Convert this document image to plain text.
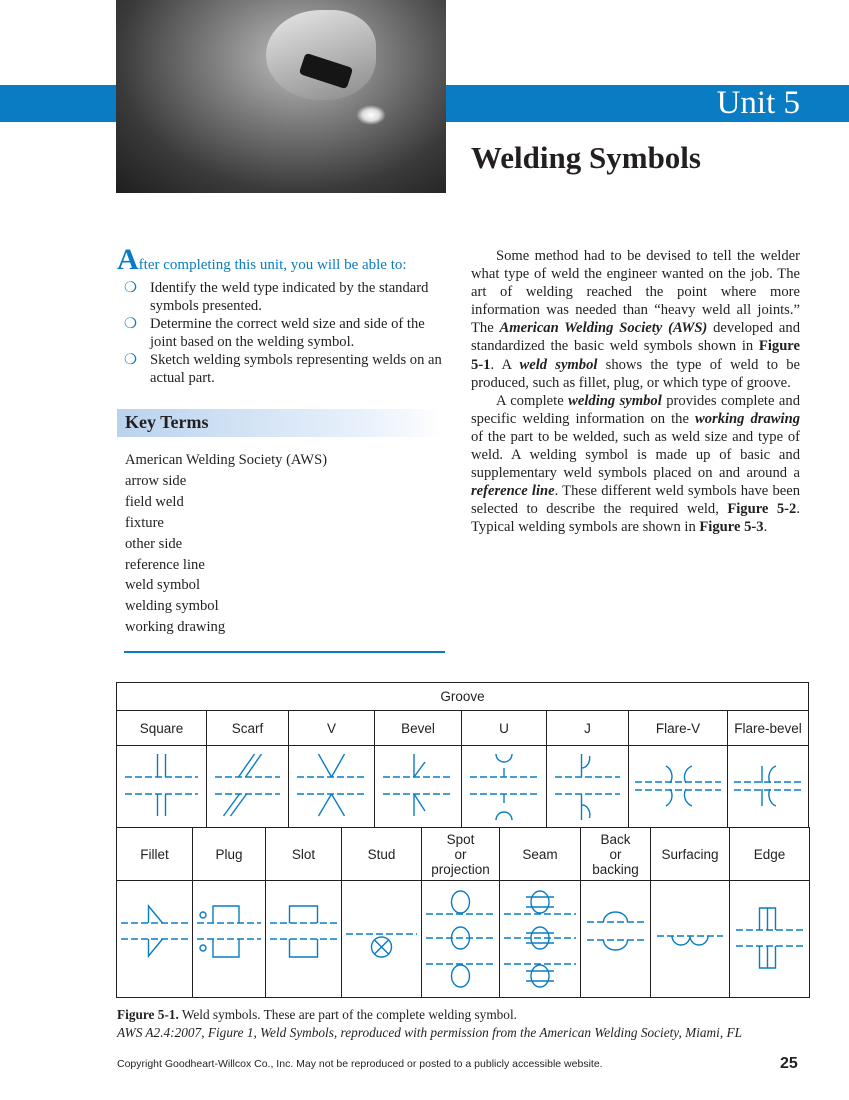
Unit 5
Welding Symbols
After completing this unit, you will be able to:
❍ Identify the weld type indicated by the standard symbols presented.
❍ Determine the correct weld size and side of the joint based on the welding symbol.
❍ Sketch welding symbols representing welds on an actual part.
Key Terms
American Welding Society (AWS)
arrow side
field weld
fixture
other side
reference line
weld symbol
welding symbol
working drawing

Some method had to be devised to tell the welder what type of weld the engineer wanted on the job. The art of welding reached the point where more information was needed than “heavy weld all joints.” The American Welding Society (AWS) developed and standardized the basic weld symbols shown in Figure 5-1. A weld symbol shows the type of weld to be produced, such as fillet, plug, or which type of groove.

A complete welding symbol provides complete and specific welding information on the working drawing of the part to be welded, such as weld size and type of weld. A welding symbol is made up of basic and supplementary weld symbols placed on and around a reference line. These different weld symbols have been selected to describe the required weld, Figure 5-2. Typical welding symbols are shown in Figure 5-3.

Groove							
Square	Scarf	V	Bevel	U	J	Flare-V	Flare-bevel

Fillet	Plug	Slot	Stud	Spot
or
projection	Seam	Back
or
backing	Surfacing	Edge

Figure 5-1. Weld symbols. These are part of the complete welding symbol.
AWS A2.4:2007, Figure 1, Weld Symbols, reproduced with permission from the American Welding Society, Miami, FL
Copyright Goodheart-Willcox Co., Inc. May not be reproduced or posted to a publicly accessible website.	25
